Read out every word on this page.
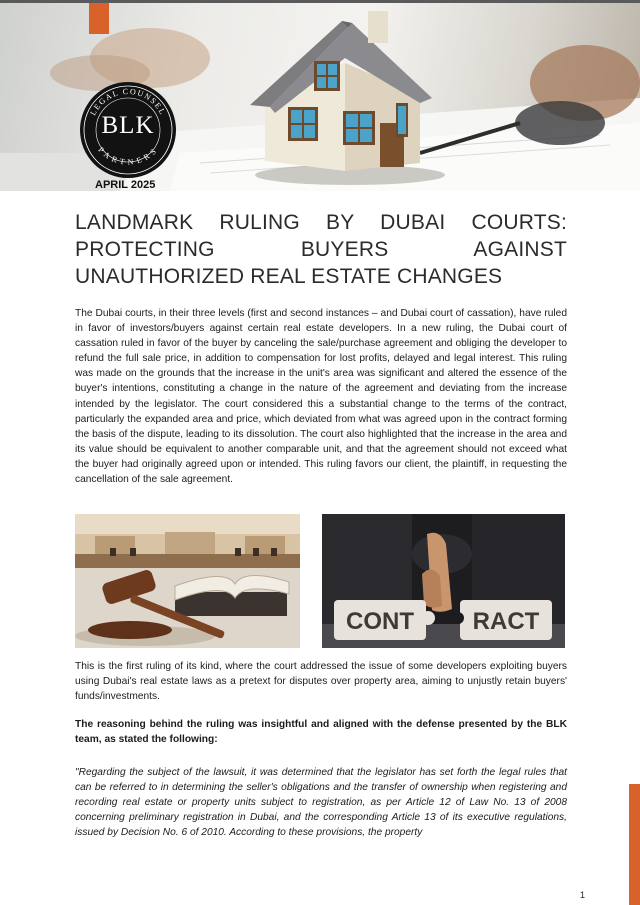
LEGAL COUNSEL
PARTNERS
BLK
APRIL 2025
LANDMARK RULING BY DUBAI COURTS: PROTECTING BUYERS AGAINST UNAUTHORIZED REAL ESTATE CHANGES

The Dubai courts, in their three levels (first and second instances – and Dubai court of cassation), have ruled in favor of investors/buyers against certain real estate developers. In a new ruling, the Dubai court of cassation ruled in favor of the buyer by canceling the sale/purchase agreement and obliging the developer to refund the full sale price, in addition to compensation for lost profits, delayed and legal interest. This ruling was made on the grounds that the increase in the unit's area was significant and altered the essence of the buyer's intentions, constituting a change in the nature of the agreement and deviating from the increase intended by the legislator. The court considered this a substantial change to the terms of the contract, particularly the expanded area and price, which deviated from what was agreed upon in the contract forming the basis of the dispute, leading to its dissolution. The court also highlighted that the increase in the area and its value should be equivalent to another comparable unit, and that the agreement should not exceed what the buyer had originally agreed upon or intended. This ruling favors our client, the plaintiff, in requesting the cancellation of the sale agreement.

CONT RACT

This is the first ruling of its kind, where the court addressed the issue of some developers exploiting buyers using Dubai's real estate laws as a pretext for disputes over property area, aiming to unjustly retain buyers' funds/investments.

The reasoning behind the ruling was insightful and aligned with the defense presented by the BLK team, as stated the following:

"Regarding the subject of the lawsuit, it was determined that the legislator has set forth the legal rules that can be referred to in determining the seller's obligations and the transfer of ownership when registering and recording real estate or property units subject to registration, as per Article 12 of Law No. 13 of 2008 concerning preliminary registration in Dubai, and the corresponding Article 13 of its executive regulations, issued by Decision No. 6 of 2010. According to these provisions, the property

1
